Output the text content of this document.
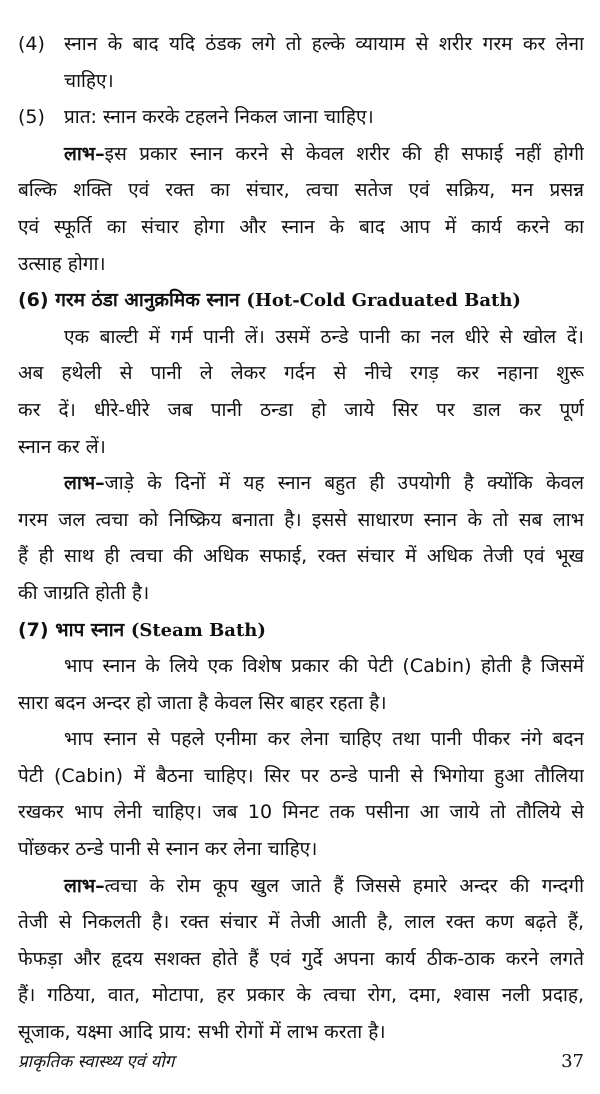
(4) स्नान के बाद यदि ठंडक लगे तो हल्के व्यायाम से शरीर गरम कर लेना
चाहिए।
(5) प्रात: स्नान करके टहलने निकल जाना चाहिए।
लाभ–इस प्रकार स्नान करने से केवल शरीर की ही सफाई नहीं होगी
बल्कि शक्ति एवं रक्त का संचार, त्वचा सतेज एवं सक्रिय, मन प्रसन्न
एवं स्फूर्ति का संचार होगा और स्नान के बाद आप में कार्य करने का
उत्साह होगा।
(6) गरम ठंडा आनुक्रमिक स्नान (Hot-Cold Graduated Bath)
एक बाल्टी में गर्म पानी लें। उसमें ठन्डे पानी का नल धीरे से खोल दें।
अब हथेली से पानी ले लेकर गर्दन से नीचे रगड़ कर नहाना शुरू
कर दें। धीरे-धीरे जब पानी ठन्डा हो जाये सिर पर डाल कर पूर्ण
स्नान कर लें।
लाभ–जाड़े के दिनों में यह स्नान बहुत ही उपयोगी है क्योंकि केवल
गरम जल त्वचा को निष्क्रिय बनाता है। इससे साधारण स्नान के तो सब लाभ
हैं ही साथ ही त्वचा की अधिक सफाई, रक्त संचार में अधिक तेजी एवं भूख
की जाग्रति होती है।
(7) भाप स्नान (Steam Bath)
भाप स्नान के लिये एक विशेष प्रकार की पेटी (Cabin) होती है जिसमें
सारा बदन अन्दर हो जाता है केवल सिर बाहर रहता है।
भाप स्नान से पहले एनीमा कर लेना चाहिए तथा पानी पीकर नंगे बदन
पेटी (Cabin) में बैठना चाहिए। सिर पर ठन्डे पानी से भिगोया हुआ तौलिया
रखकर भाप लेनी चाहिए। जब 10 मिनट तक पसीना आ जाये तो तौलिये से
पोंछकर ठन्डे पानी से स्नान कर लेना चाहिए।
लाभ–त्वचा के रोम कूप खुल जाते हैं जिससे हमारे अन्दर की गन्दगी
तेजी से निकलती है। रक्त संचार में तेजी आती है, लाल रक्त कण बढ़ते हैं,
फेफड़ा और हृदय सशक्त होते हैं एवं गुर्दे अपना कार्य ठीक-ठाक करने लगते
हैं। गठिया, वात, मोटापा, हर प्रकार के त्वचा रोग, दमा, श्वास नली प्रदाह,
सूजाक, यक्ष्मा आदि प्राय: सभी रोगों में लाभ करता है।
प्राकृतिक स्वास्थ्य एवं योग	37
